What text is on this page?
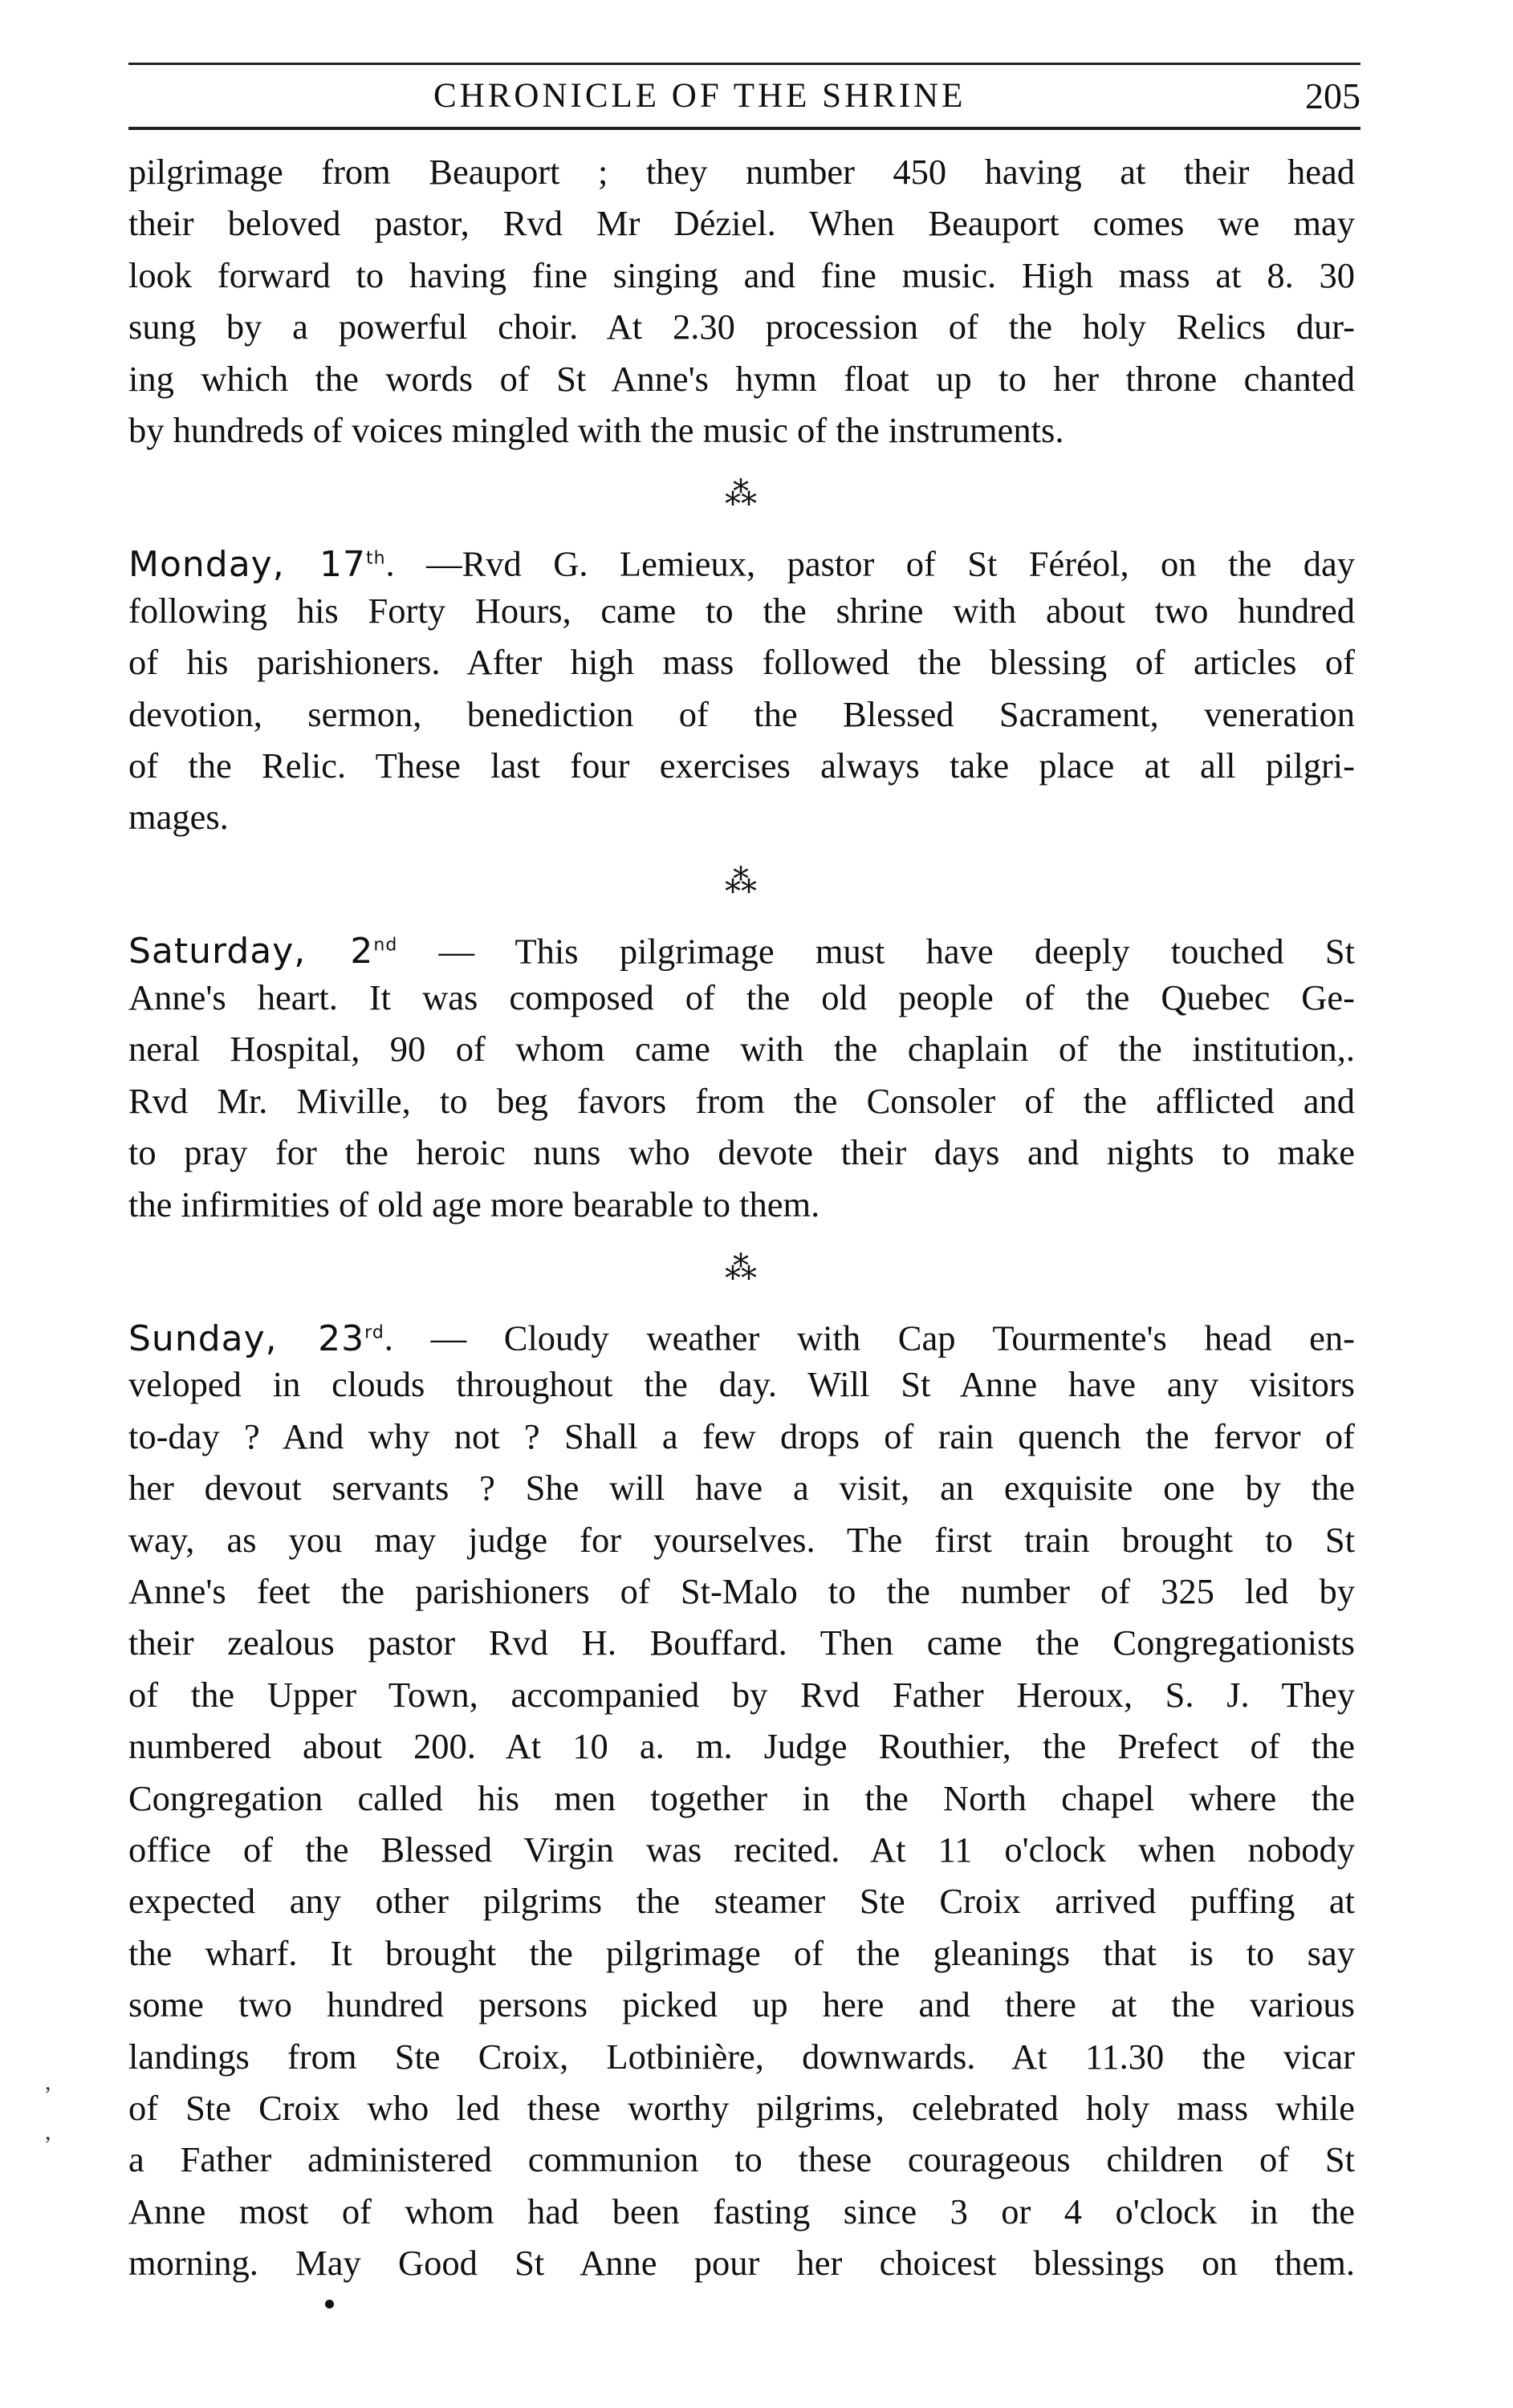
CHRONICLE OF THE SHRINE	205
pilgrimage from Beauport ; they number 450 having at their head
their beloved pastor, Rvd Mr Déziel. When Beauport comes we may
look forward to having fine singing and fine music. High mass at 8. 30
sung by a powerful choir. At 2.30 procession of the holy Relics dur-
ing which the words of St Anne's hymn float up to her throne chanted
by hundreds of voices mingled with the music of the instruments.
⁂
Monday, 17th. —Rvd G. Lemieux, pastor of St Féréol, on the day
following his Forty Hours, came to the shrine with about two hundred
of his parishioners. After high mass followed the blessing of articles of
devotion, sermon, benediction of the Blessed Sacrament, veneration
of the Relic. These last four exercises always take place at all pilgri-
mages.
⁂
Saturday, 2nd — This pilgrimage must have deeply touched St
Anne's heart. It was composed of the old people of the Quebec Ge-
neral Hospital, 90 of whom came with the chaplain of the institution,.
Rvd Mr. Miville, to beg favors from the Consoler of the afflicted and
to pray for the heroic nuns who devote their days and nights to make
the infirmities of old age more bearable to them.
⁂
Sunday, 23rd. — Cloudy weather with Cap Tourmente's head en-
veloped in clouds throughout the day. Will St Anne have any visitors
to-day ? And why not ? Shall a few drops of rain quench the fervor of
her devout servants ? She will have a visit, an exquisite one by the
way, as you may judge for yourselves. The first train brought to St
Anne's feet the parishioners of St-Malo to the number of 325 led by
their zealous pastor Rvd H. Bouffard. Then came the Congregationists
of the Upper Town, accompanied by Rvd Father Heroux, S. J. They
numbered about 200. At 10 a. m. Judge Routhier, the Prefect of the
Congregation called his men together in the North chapel where the
office of the Blessed Virgin was recited. At 11 o'clock when nobody
expected any other pilgrims the steamer Ste Croix arrived puffing at
the wharf. It brought the pilgrimage of the gleanings that is to say
some two hundred persons picked up here and there at the various
landings from Ste Croix, Lotbinière, downwards. At 11.30 the vicar
of Ste Croix who led these worthy pilgrims, celebrated holy mass while
a Father administered communion to these courageous children of St
Anne most of whom had been fasting since 3 or 4 o'clock in the
morning. May Good St Anne pour her choicest blessings on them.
,
,
